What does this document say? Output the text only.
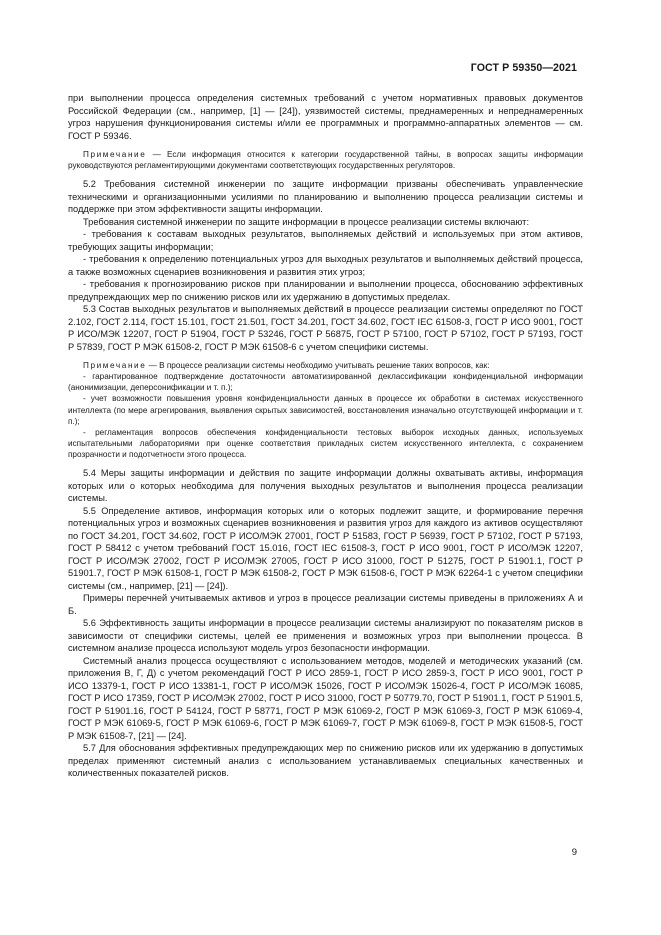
ГОСТ Р 59350—2021

при выполнении процесса определения системных требований с учетом нормативных правовых документов Российской Федерации (см., например, [1] — [24]), уязвимостей системы, преднамеренных и непреднамеренных угроз нарушения функционирования системы и/или ее программных и программно-аппаратных элементов — см. ГОСТ Р 59346.

Примечание — Если информация относится к категории государственной тайны, в вопросах защиты информации руководствуются регламентирующими документами соответствующих государственных регуляторов.

5.2 Требования системной инженерии по защите информации призваны обеспечивать управленческие техническими и организационными усилиями по планированию и выполнению процесса реализации системы и поддержке при этом эффективности защиты информации.

Требования системной инженерии по защите информации в процессе реализации системы включают:

- требования к составам выходных результатов, выполняемых действий и используемых при этом активов, требующих защиты информации;

- требования к определению потенциальных угроз для выходных результатов и выполняемых действий процесса, а также возможных сценариев возникновения и развития этих угроз;

- требования к прогнозированию рисков при планировании и выполнении процесса, обоснованию эффективных предупреждающих мер по снижению рисков или их удержанию в допустимых пределах.

5.3 Состав выходных результатов и выполняемых действий в процессе реализации системы определяют по ГОСТ 2.102, ГОСТ 2.114, ГОСТ 15.101, ГОСТ 21.501, ГОСТ 34.201, ГОСТ 34.602, ГОСТ IEC 61508-3, ГОСТ Р ИСО 9001, ГОСТ Р ИСО/МЭК 12207, ГОСТ Р 51904, ГОСТ Р 53246, ГОСТ Р 56875, ГОСТ Р 57100, ГОСТ Р 57102, ГОСТ Р 57193, ГОСТ Р 57839, ГОСТ Р МЭК 61508-2, ГОСТ Р МЭК 61508-6 с учетом специфики системы.

Примечание — В процессе реализации системы необходимо учитывать решение таких вопросов, как:

- гарантированное подтверждение достаточности автоматизированной деклассификации конфиденциальной информации (анонимизации, деперсонификации и т. п.);

- учет возможности повышения уровня конфиденциальности данных в процессе их обработки в системах искусственного интеллекта (по мере агрегирования, выявления скрытых зависимостей, восстановления изначально отсутствующей информации и т. п.);

- регламентация вопросов обеспечения конфиденциальности тестовых выборок исходных данных, используемых испытательными лабораториями при оценке соответствия прикладных систем искусственного интеллекта, с сохранением прозрачности и подотчетности этого процесса.

5.4 Меры защиты информации и действия по защите информации должны охватывать активы, информация которых или о которых необходима для получения выходных результатов и выполнения процесса реализации системы.

5.5 Определение активов, информация которых или о которых подлежит защите, и формирование перечня потенциальных угроз и возможных сценариев возникновения и развития угроз для каждого из активов осуществляют по ГОСТ 34.201, ГОСТ 34.602, ГОСТ Р ИСО/МЭК 27001, ГОСТ Р 51583, ГОСТ Р 56939, ГОСТ Р 57102, ГОСТ Р 57193, ГОСТ Р 58412 с учетом требований ГОСТ 15.016, ГОСТ IEC 61508-3, ГОСТ Р ИСО 9001, ГОСТ Р ИСО/МЭК 12207, ГОСТ Р ИСО/МЭК 27002, ГОСТ Р ИСО/МЭК 27005, ГОСТ Р ИСО 31000, ГОСТ Р 51275, ГОСТ Р 51901.1, ГОСТ Р 51901.7, ГОСТ Р МЭК 61508-1, ГОСТ Р МЭК 61508-2, ГОСТ Р МЭК 61508-6, ГОСТ Р МЭК 62264-1 с учетом специфики системы (см., например, [21] — [24]).

Примеры перечней учитываемых активов и угроз в процессе реализации системы приведены в приложениях А и Б.

5.6 Эффективность защиты информации в процессе реализации системы анализируют по показателям рисков в зависимости от специфики системы, целей ее применения и возможных угроз при выполнении процесса. В системном анализе процесса используют модель угроз безопасности информации.

Системный анализ процесса осуществляют с использованием методов, моделей и методических указаний (см. приложения В, Г, Д) с учетом рекомендаций ГОСТ Р ИСО 2859-1, ГОСТ Р ИСО 2859-3, ГОСТ Р ИСО 9001, ГОСТ Р ИСО 13379-1, ГОСТ Р ИСО 13381-1, ГОСТ Р ИСО/МЭК 15026, ГОСТ Р ИСО/МЭК 15026-4, ГОСТ Р ИСО/МЭК 16085, ГОСТ Р ИСО 17359, ГОСТ Р ИСО/МЭК 27002, ГОСТ Р ИСО 31000, ГОСТ Р 50779.70, ГОСТ Р 51901.1, ГОСТ Р 51901.5, ГОСТ Р 51901.16, ГОСТ Р 54124, ГОСТ Р 58771, ГОСТ Р МЭК 61069-2, ГОСТ Р МЭК 61069-3, ГОСТ Р МЭК 61069-4, ГОСТ Р МЭК 61069-5, ГОСТ Р МЭК 61069-6, ГОСТ Р МЭК 61069-7, ГОСТ Р МЭК 61069-8, ГОСТ Р МЭК 61508-5, ГОСТ Р МЭК 61508-7, [21] — [24].

5.7 Для обоснования эффективных предупреждающих мер по снижению рисков или их удержанию в допустимых пределах применяют системный анализ с использованием устанавливаемых специальных качественных и количественных показателей рисков.

9
